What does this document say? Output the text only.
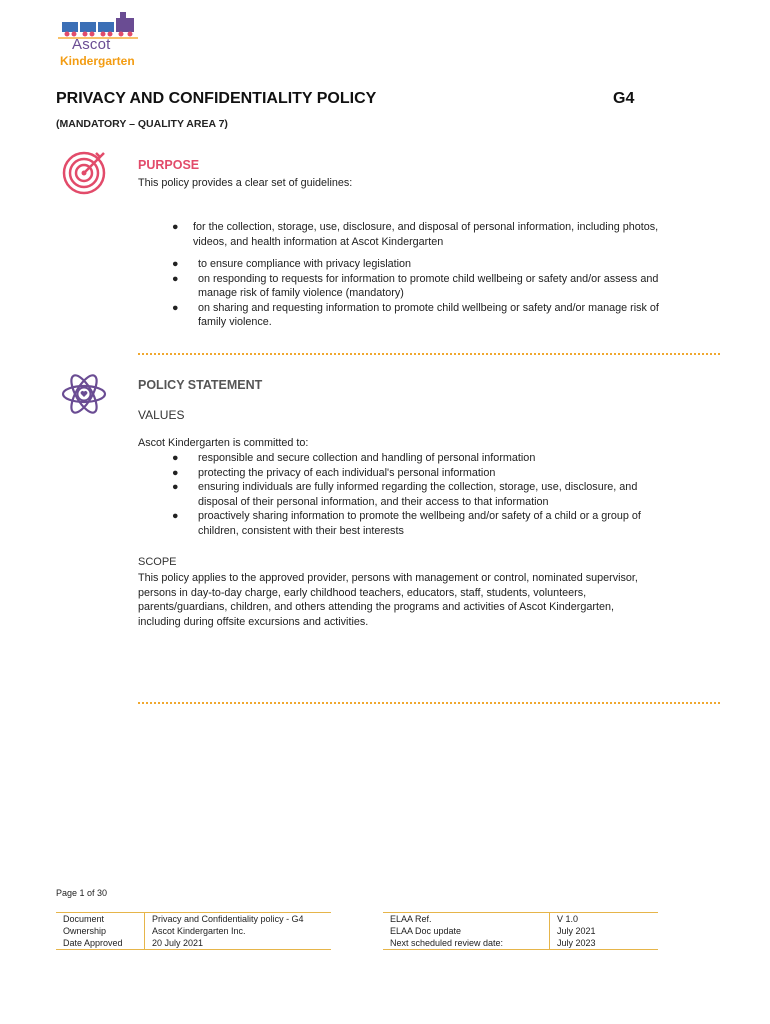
Ascot
Kindergarten
PRIVACY AND CONFIDENTIALITY POLICY	G4
(MANDATORY – QUALITY AREA 7)
PURPOSE
This policy provides a clear set of guidelines:
● for the collection, storage, use, disclosure, and disposal of personal information, including photos, videos, and health information at Ascot Kindergarten
● to ensure compliance with privacy legislation
● on responding to requests for information to promote child wellbeing or safety and/or assess and manage risk of family violence (mandatory)
● on sharing and requesting information to promote child wellbeing or safety and/or manage risk of family violence.
POLICY STATEMENT
VALUES
Ascot Kindergarten is committed to:
● responsible and secure collection and handling of personal information
● protecting the privacy of each individual's personal information
● ensuring individuals are fully informed regarding the collection, storage, use, disclosure, and disposal of their personal information, and their access to that information
● proactively sharing information to promote the wellbeing and/or safety of a child or a group of children, consistent with their best interests
SCOPE
This policy applies to the approved provider, persons with management or control, nominated supervisor, persons in day-to-day charge, early childhood teachers, educators, staff, students, volunteers, parents/guardians, children, and others attending the programs and activities of Ascot Kindergarten, including during offsite excursions and activities.
Page 1 of 30
Document	Privacy and Confidentiality policy - G4
Ownership	Ascot Kindergarten Inc.
Date Approved	20 July 2021
ELAA Ref.	V 1.0
ELAA Doc update	July 2021
Next scheduled review date:	July 2023
